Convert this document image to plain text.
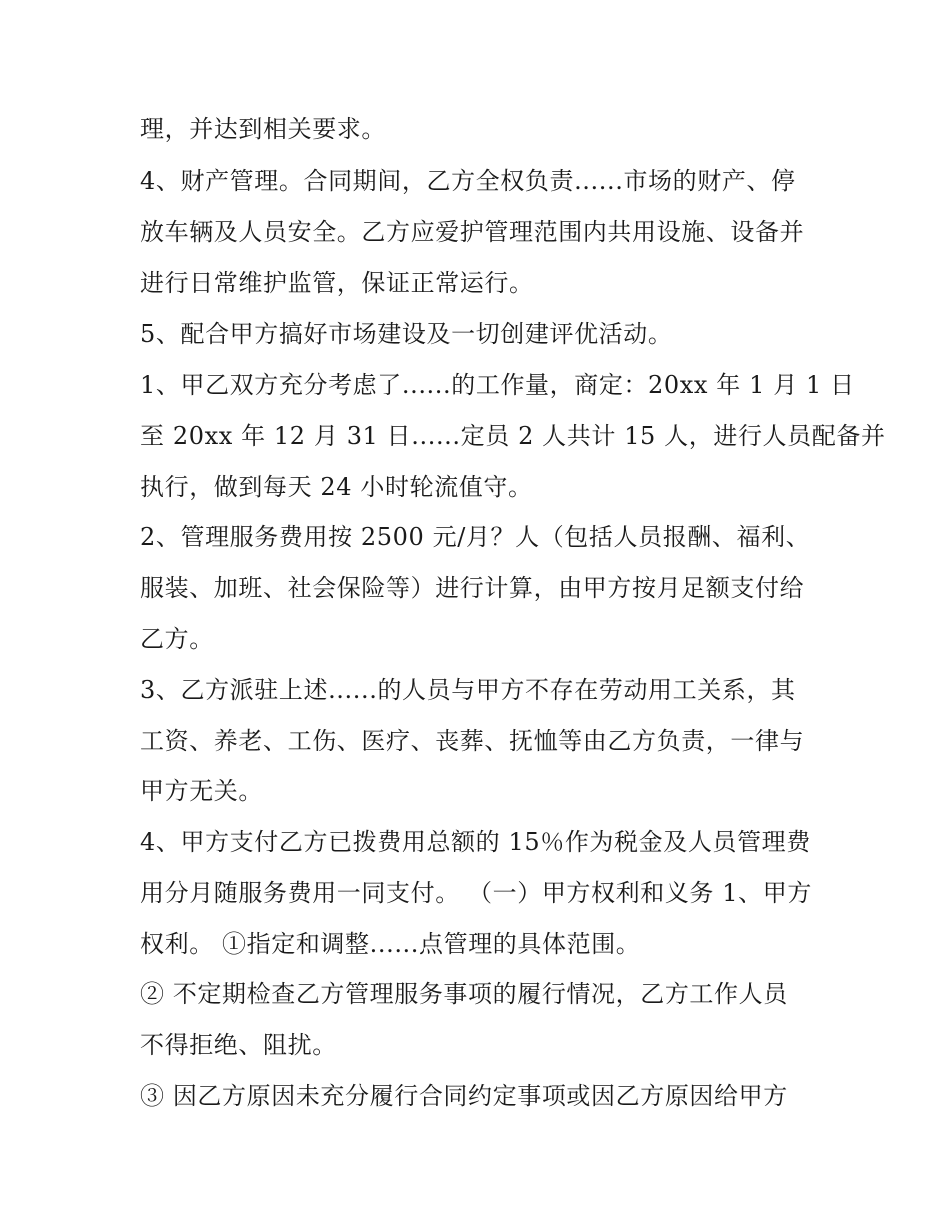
理，并达到相关要求。
4、财产管理。合同期间，乙方全权负责......市场的财产、停
放车辆及人员安全。乙方应爱护管理范围内共用设施、设备并
进行日常维护监管，保证正常运行。
5、配合甲方搞好市场建设及一切创建评优活动。
1、甲乙双方充分考虑了......的工作量，商定：20xx 年 1 月 1 日
至 20xx 年 12 月 31 日......定员 2 人共计 15 人，进行人员配备并
执行，做到每天 24 小时轮流值守。
2、管理服务费用按 2500 元/月？人（包括人员报酬、福利、
服装、加班、社会保险等）进行计算，由甲方按月足额支付给
乙方。
3、乙方派驻上述......的人员与甲方不存在劳动用工关系，其
工资、养老、工伤、医疗、丧葬、抚恤等由乙方负责，一律与
甲方无关。
4、甲方支付乙方已拨费用总额的 15％作为税金及人员管理费
用分月随服务费用一同支付。 （一）甲方权利和义务 1、甲方
权利。 ①指定和调整......点管理的具体范围。
② 不定期检查乙方管理服务事项的履行情况，乙方工作人员
不得拒绝、阻扰。
③ 因乙方原因未充分履行合同约定事项或因乙方原因给甲方
